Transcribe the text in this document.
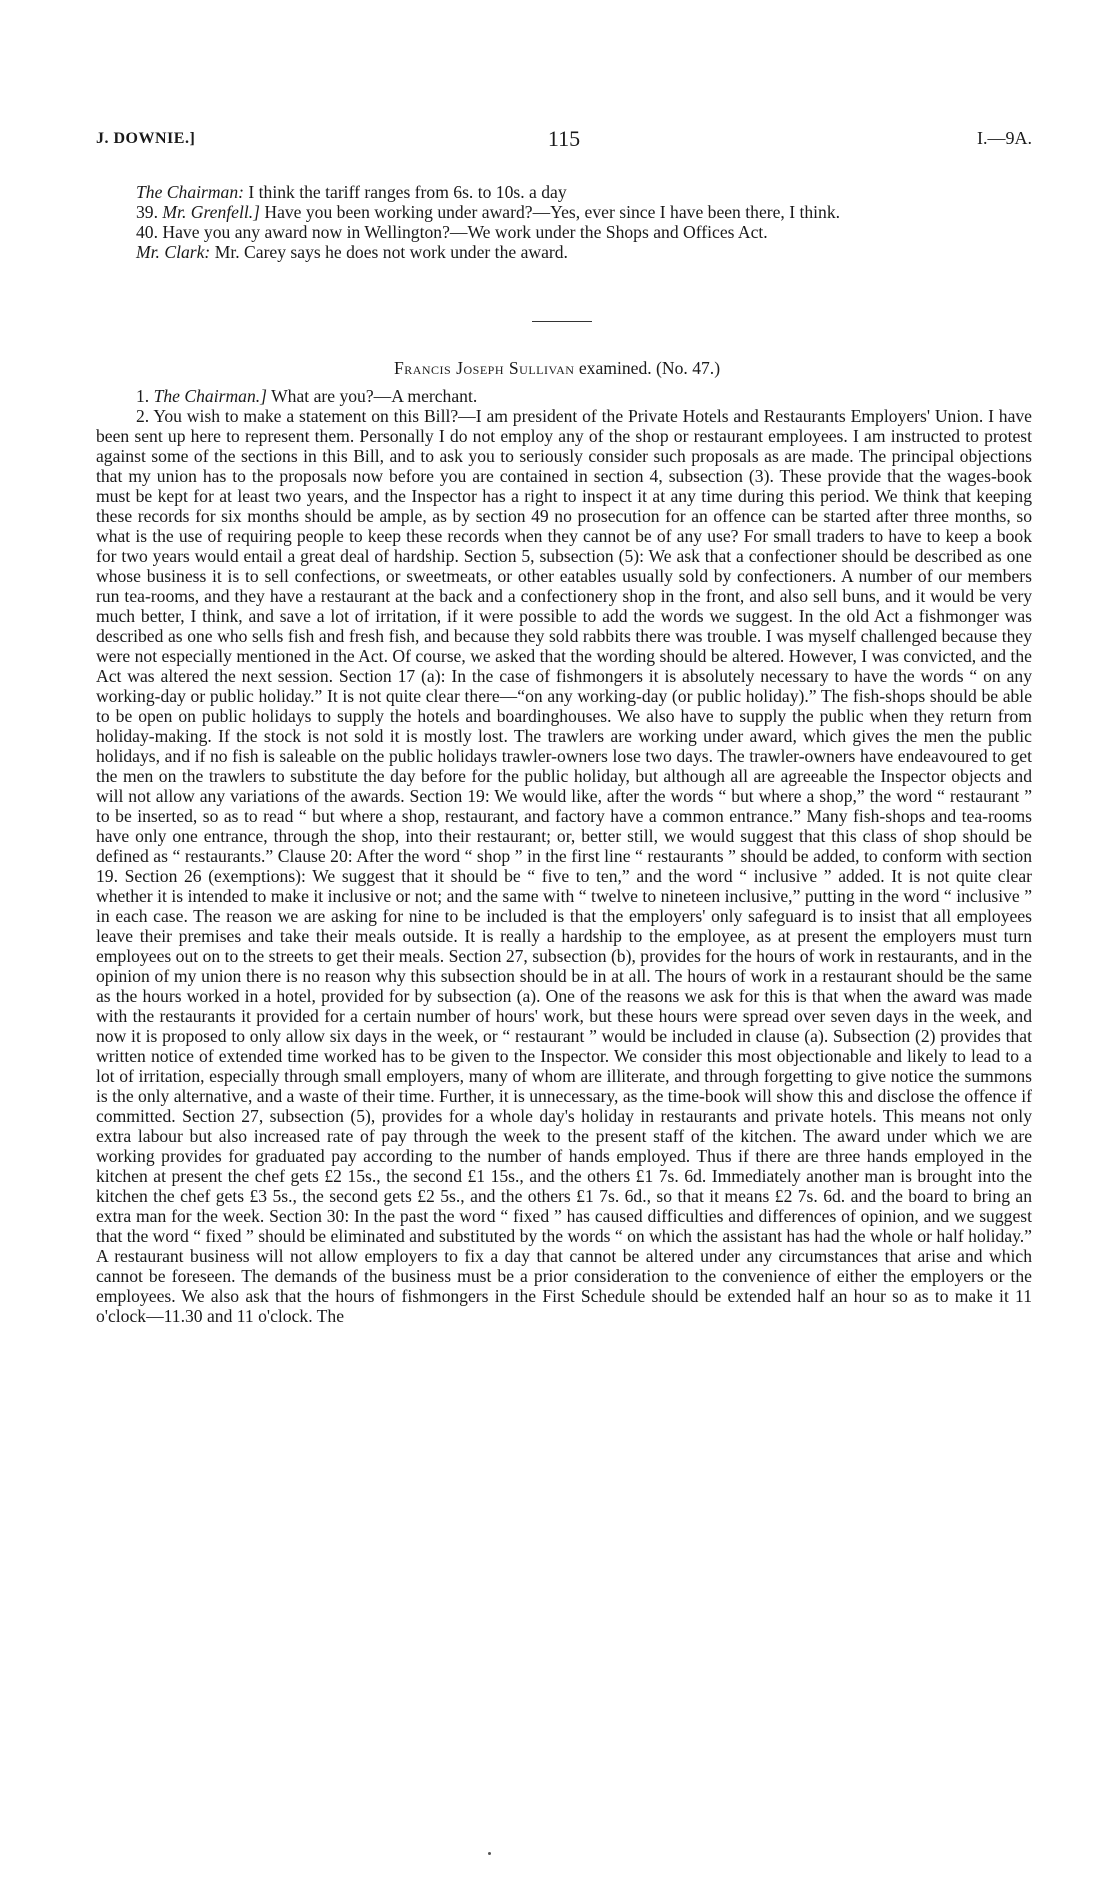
J. DOWNIE.]	115	I.—9A.

The Chairman: I think the tariff ranges from 6s. to 10s. a day

39. Mr. Grenfell.] Have you been working under award?—Yes, ever since I have been there, I think.

40. Have you any award now in Wellington?—We work under the Shops and Offices Act.

Mr. Clark: Mr. Carey says he does not work under the award.

Francis Joseph Sullivan examined. (No. 47.)

1. The Chairman.] What are you?—A merchant.

2. You wish to make a statement on this Bill?—I am president of the Private Hotels and Restaurants Employers' Union. I have been sent up here to represent them. Personally I do not employ any of the shop or restaurant employees. I am instructed to protest against some of the sections in this Bill, and to ask you to seriously consider such proposals as are made. The principal objections that my union has to the proposals now before you are contained in section 4, subsection (3). These provide that the wages-book must be kept for at least two years, and the Inspector has a right to inspect it at any time during this period. We think that keeping these records for six months should be ample, as by section 49 no prosecution for an offence can be started after three months, so what is the use of requiring people to keep these records when they cannot be of any use? For small traders to have to keep a book for two years would entail a great deal of hardship. Section 5, subsection (5): We ask that a confectioner should be described as one whose business it is to sell confections, or sweetmeats, or other eatables usually sold by confectioners. A number of our members run tea-rooms, and they have a restaurant at the back and a confectionery shop in the front, and also sell buns, and it would be very much better, I think, and save a lot of irritation, if it were possible to add the words we suggest. In the old Act a fishmonger was described as one who sells fish and fresh fish, and because they sold rabbits there was trouble. I was myself challenged because they were not especially mentioned in the Act. Of course, we asked that the wording should be altered. However, I was convicted, and the Act was altered the next session. Section 17 (a): In the case of fishmongers it is absolutely necessary to have the words “ on any working-day or public holiday.” It is not quite clear there—“on any working-day (or public holiday).” The fish-shops should be able to be open on public holidays to supply the hotels and boardinghouses. We also have to supply the public when they return from holiday-making. If the stock is not sold it is mostly lost. The trawlers are working under award, which gives the men the public holidays, and if no fish is saleable on the public holidays trawler-owners lose two days. The trawler-owners have endeavoured to get the men on the trawlers to substitute the day before for the public holiday, but although all are agreeable the Inspector objects and will not allow any variations of the awards. Section 19: We would like, after the words “ but where a shop,” the word “ restaurant ” to be inserted, so as to read “ but where a shop, restaurant, and factory have a common entrance.” Many fish-shops and tea-rooms have only one entrance, through the shop, into their restaurant; or, better still, we would suggest that this class of shop should be defined as “ restaurants.” Clause 20: After the word “ shop ” in the first line “ restaurants ” should be added, to conform with section 19. Section 26 (exemptions): We suggest that it should be “ five to ten,” and the word “ inclusive ” added. It is not quite clear whether it is intended to make it inclusive or not; and the same with “ twelve to nineteen inclusive,” putting in the word “ inclusive ” in each case. The reason we are asking for nine to be included is that the employers' only safeguard is to insist that all employees leave their premises and take their meals outside. It is really a hardship to the employee, as at present the employers must turn employees out on to the streets to get their meals. Section 27, subsection (b), provides for the hours of work in restaurants, and in the opinion of my union there is no reason why this subsection should be in at all. The hours of work in a restaurant should be the same as the hours worked in a hotel, provided for by subsection (a). One of the reasons we ask for this is that when the award was made with the restaurants it provided for a certain number of hours' work, but these hours were spread over seven days in the week, and now it is proposed to only allow six days in the week, or “ restaurant ” would be included in clause (a). Subsection (2) provides that written notice of extended time worked has to be given to the Inspector. We consider this most objectionable and likely to lead to a lot of irritation, especially through small employers, many of whom are illiterate, and through forgetting to give notice the summons is the only alternative, and a waste of their time. Further, it is unnecessary, as the time-book will show this and disclose the offence if committed. Section 27, subsection (5), provides for a whole day's holiday in restaurants and private hotels. This means not only extra labour but also increased rate of pay through the week to the present staff of the kitchen. The award under which we are working provides for graduated pay according to the number of hands employed. Thus if there are three hands employed in the kitchen at present the chef gets £2 15s., the second £1 15s., and the others £1 7s. 6d. Immediately another man is brought into the kitchen the chef gets £3 5s., the second gets £2 5s., and the others £1 7s. 6d., so that it means £2 7s. 6d. and the board to bring an extra man for the week. Section 30: In the past the word “ fixed ” has caused difficulties and differences of opinion, and we suggest that the word “ fixed ” should be eliminated and substituted by the words “ on which the assistant has had the whole or half holiday.” A restaurant business will not allow employers to fix a day that cannot be altered under any circumstances that arise and which cannot be foreseen. The demands of the business must be a prior consideration to the convenience of either the employers or the employees. We also ask that the hours of fishmongers in the First Schedule should be extended half an hour so as to make it 11 o'clock—11.30 and 11 o'clock. The
